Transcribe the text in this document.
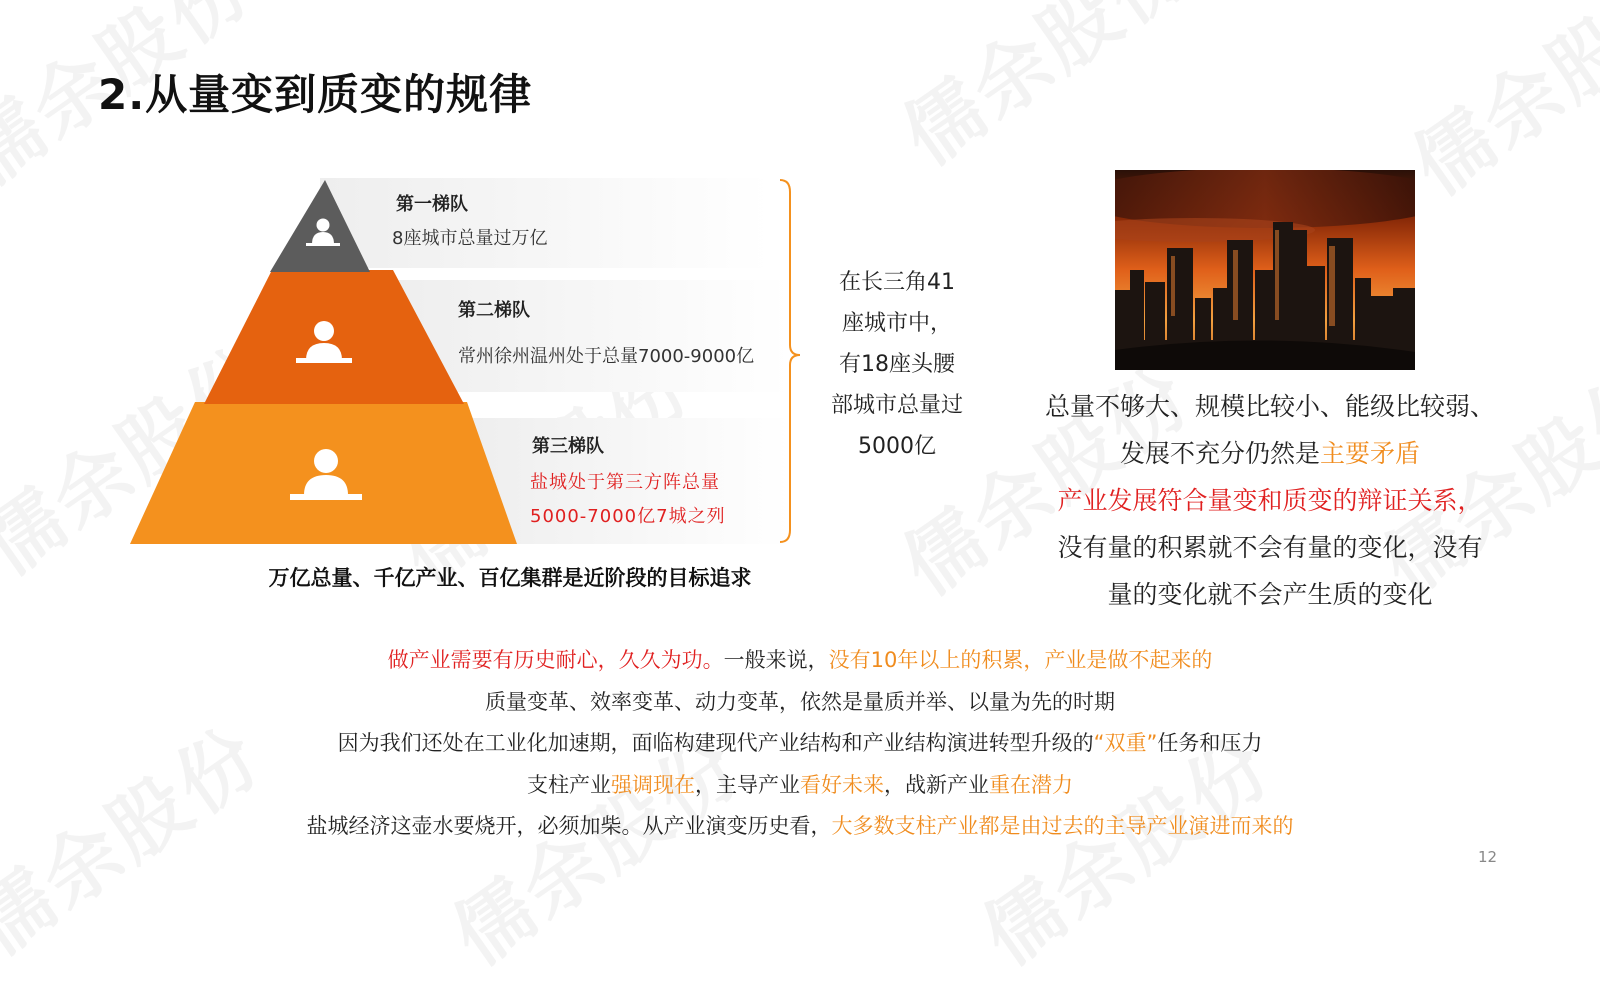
2.从量变到质变的规律
第一梯队
8座城市总量过万亿
第二梯队
常州徐州温州处于总量7000-9000亿
第三梯队
盐城处于第三方阵总量
5000-7000亿7城之列
万亿总量、千亿产业、百亿集群是近阶段的目标追求
在长三角41
座城市中，
有18座头腰
部城市总量过
5000亿
总量不够大、规模比较小、能级比较弱、
发展不充分仍然是主要矛盾
产业发展符合量变和质变的辩证关系，
没有量的积累就不会有量的变化，没有
量的变化就不会产生质的变化
做产业需要有历史耐心，久久为功。一般来说，没有10年以上的积累，产业是做不起来的
质量变革、效率变革、动力变革，依然是量质并举、以量为先的时期
因为我们还处在工业化加速期，面临构建现代产业结构和产业结构演进转型升级的“双重”任务和压力
支柱产业强调现在，主导产业看好未来，战新产业重在潜力
盐城经济这壶水要烧开，必须加柴。从产业演变历史看，大多数支柱产业都是由过去的主导产业演进而来的
12
